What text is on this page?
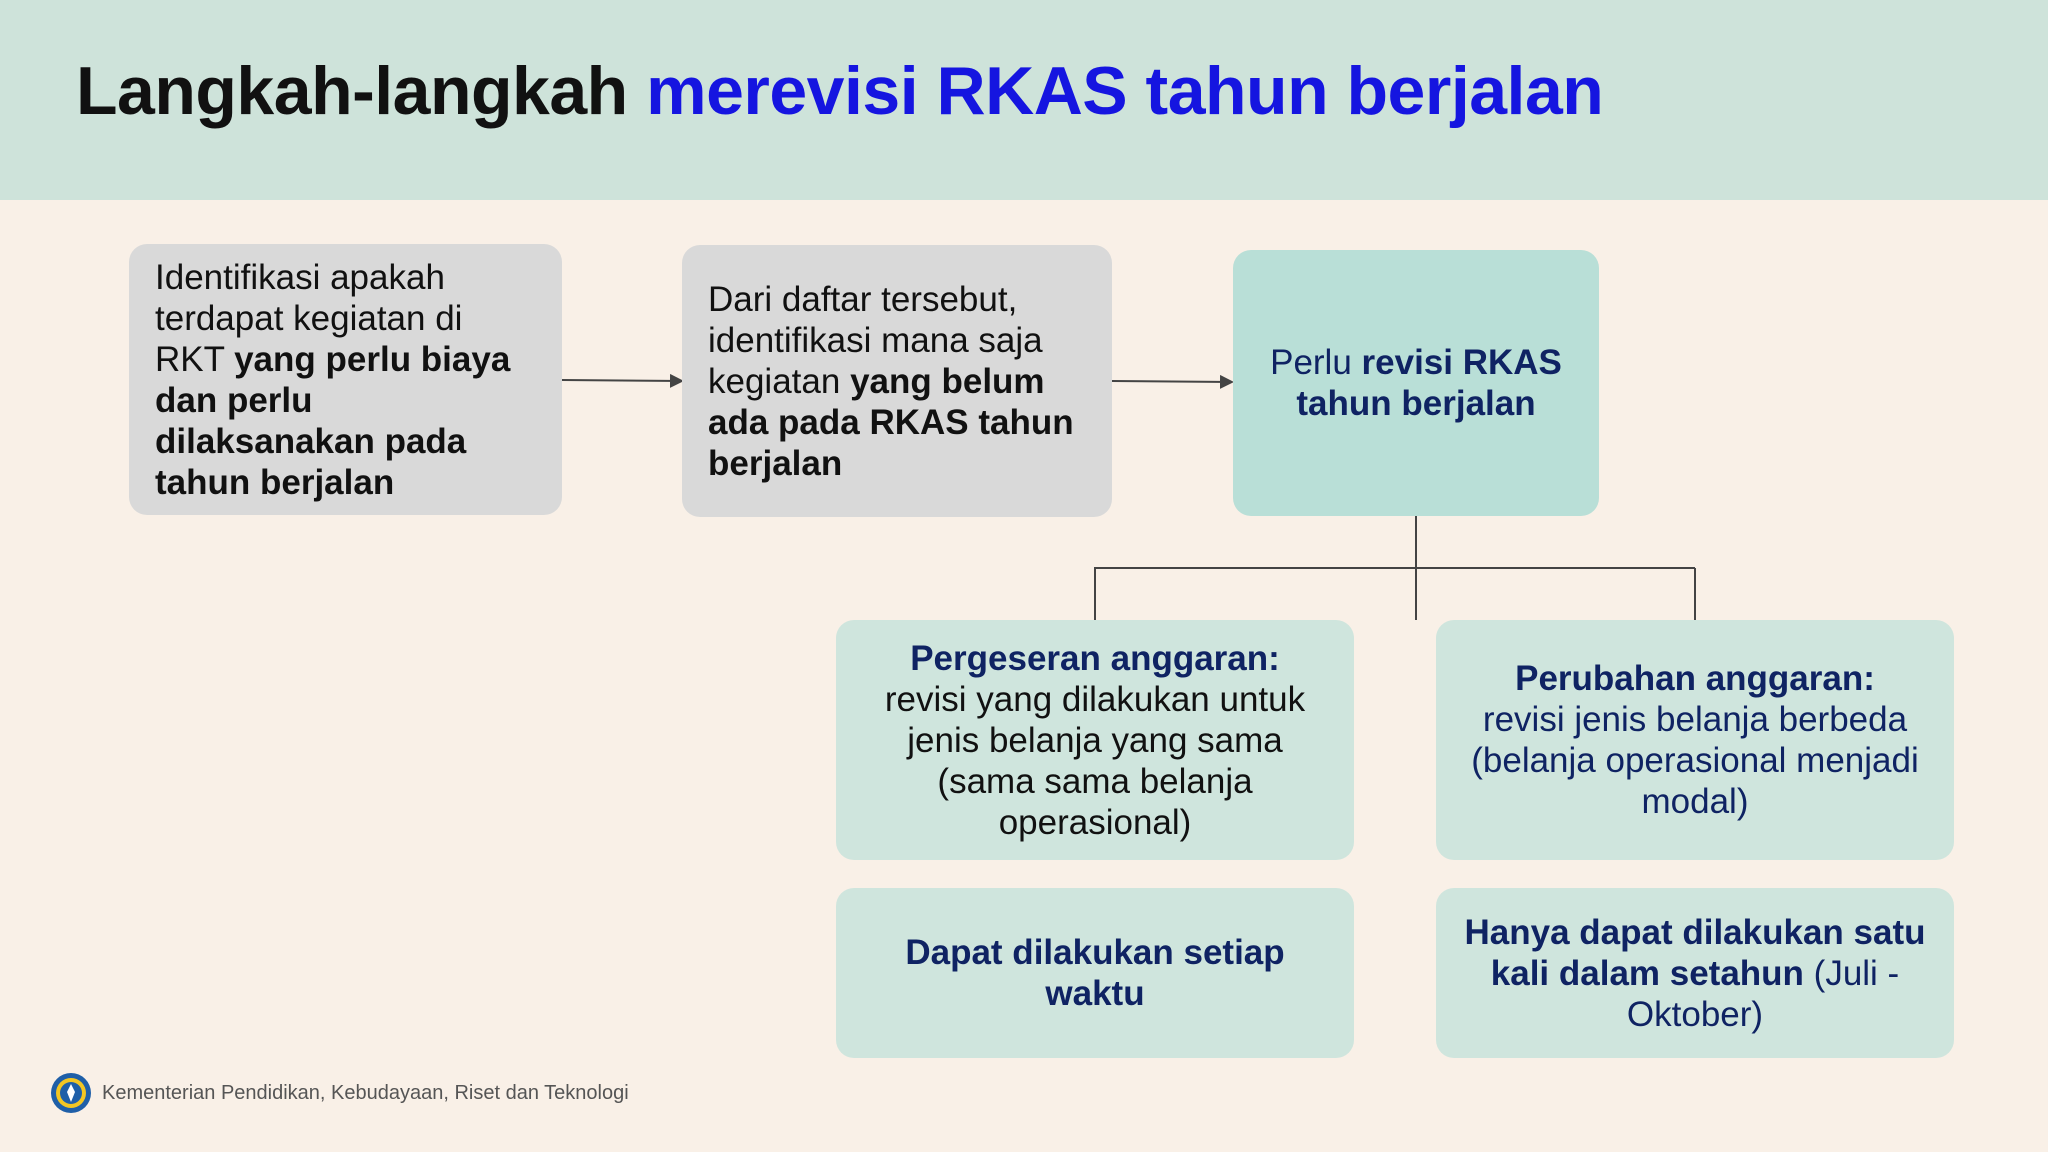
Langkah-langkah merevisi RKAS tahun berjalan
Identifikasi apakah terdapat kegiatan di RKT yang perlu biaya dan perlu dilaksanakan pada tahun berjalan
Dari daftar tersebut, identifikasi mana saja kegiatan yang belum ada pada RKAS tahun berjalan
Perlu revisi RKAS tahun berjalan
Pergeseran anggaran:
revisi yang dilakukan untuk jenis belanja yang sama (sama sama belanja operasional)
Perubahan anggaran:
revisi jenis belanja berbeda (belanja operasional menjadi modal)
Dapat dilakukan setiap waktu
Hanya dapat dilakukan satu kali dalam setahun (Juli - Oktober)
Kementerian Pendidikan, Kebudayaan, Riset dan Teknologi
